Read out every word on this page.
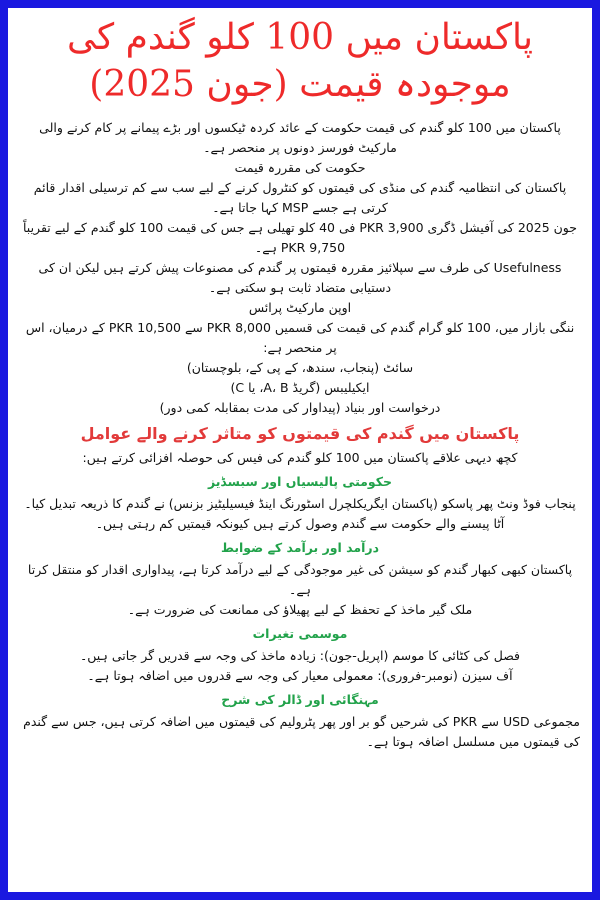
پاکستان میں 100 کلو گندم کی موجودہ قیمت (جون 2025)

پاکستان میں 100 کلو گندم کی قیمت حکومت کے عائد کردہ ٹیکسوں اور بڑے پیمانے پر کام کرنے والی مارکیٹ فورسز دونوں پر منحصر ہے۔

حکومت کی مقررہ قیمت

پاکستان کی انتظامیہ گندم کی منڈی کی قیمتوں کو کنٹرول کرنے کے لیے سب سے کم ترسیلی اقدار قائم کرتی ہے جسے MSP کہا جاتا ہے۔

جون 2025 کی آفیشل ڈگری PKR 3,900 فی 40 کلو تھیلی ہے جس کی قیمت 100 کلو گندم کے لیے تقریباً PKR 9,750 ہے۔

Usefulness کی طرف سے سپلائیز مقررہ قیمتوں پر گندم کی مصنوعات پیش کرتے ہیں لیکن ان کی دستیابی متضاد ثابت ہو سکتی ہے۔

اوپن مارکیٹ پرائس

ننگی بازار میں، 100 کلو گرام گندم کی قیمت کی قسمیں PKR 8,000 سے PKR 10,500 کے درمیان، اس پر منحصر ہے:

سائٹ (پنجاب، سندھ، کے پی کے، بلوچستان)

ایکیلیبس (گریڈ A، B، یا C)

درخواست اور بنیاد (پیداوار کی مدت بمقابلہ کمی دور)

پاکستان میں گندم کی قیمتوں کو متاثر کرنے والے عوامل

کچھ دیہی علاقے پاکستان میں 100 کلو گندم کی فیس کی حوصلہ افزائی کرتے ہیں:

حکومتی پالیسیاں اور سبسڈیز

پنجاب فوڈ ونٹ پھر پاسکو (پاکستان ایگریکلچرل اسٹورنگ اینڈ فیسیلیٹیز بزنس) نے گندم کا ذریعہ تبدیل کیا۔

آٹا پیسنے والے حکومت سے گندم وصول کرتے ہیں کیونکہ قیمتیں کم رہتی ہیں۔

درآمد اور برآمد کے ضوابط

پاکستان کبھی کبھار گندم کو سیشن کی غیر موجودگی کے لیے درآمد کرتا ہے، پیداواری اقدار کو منتقل کرتا ہے۔

ملک گیر ماخذ کے تحفظ کے لیے پھیلاؤ کی ممانعت کی ضرورت ہے۔

موسمی تغیرات

فصل کی کٹائی کا موسم (اپریل-جون): زیادہ ماخذ کی وجہ سے قدریں گر جاتی ہیں۔

آف سیزن (نومبر-فروری): معمولی معیار کی وجہ سے قدروں میں اضافہ ہوتا ہے۔

مہنگائی اور ڈالر کی شرح

مجموعی USD سے PKR کی شرحیں گو بر اور پھر پٹرولیم کی قیمتوں میں اضافہ کرتی ہیں، جس سے گندم کی قیمتوں میں مسلسل اضافہ ہوتا ہے۔
